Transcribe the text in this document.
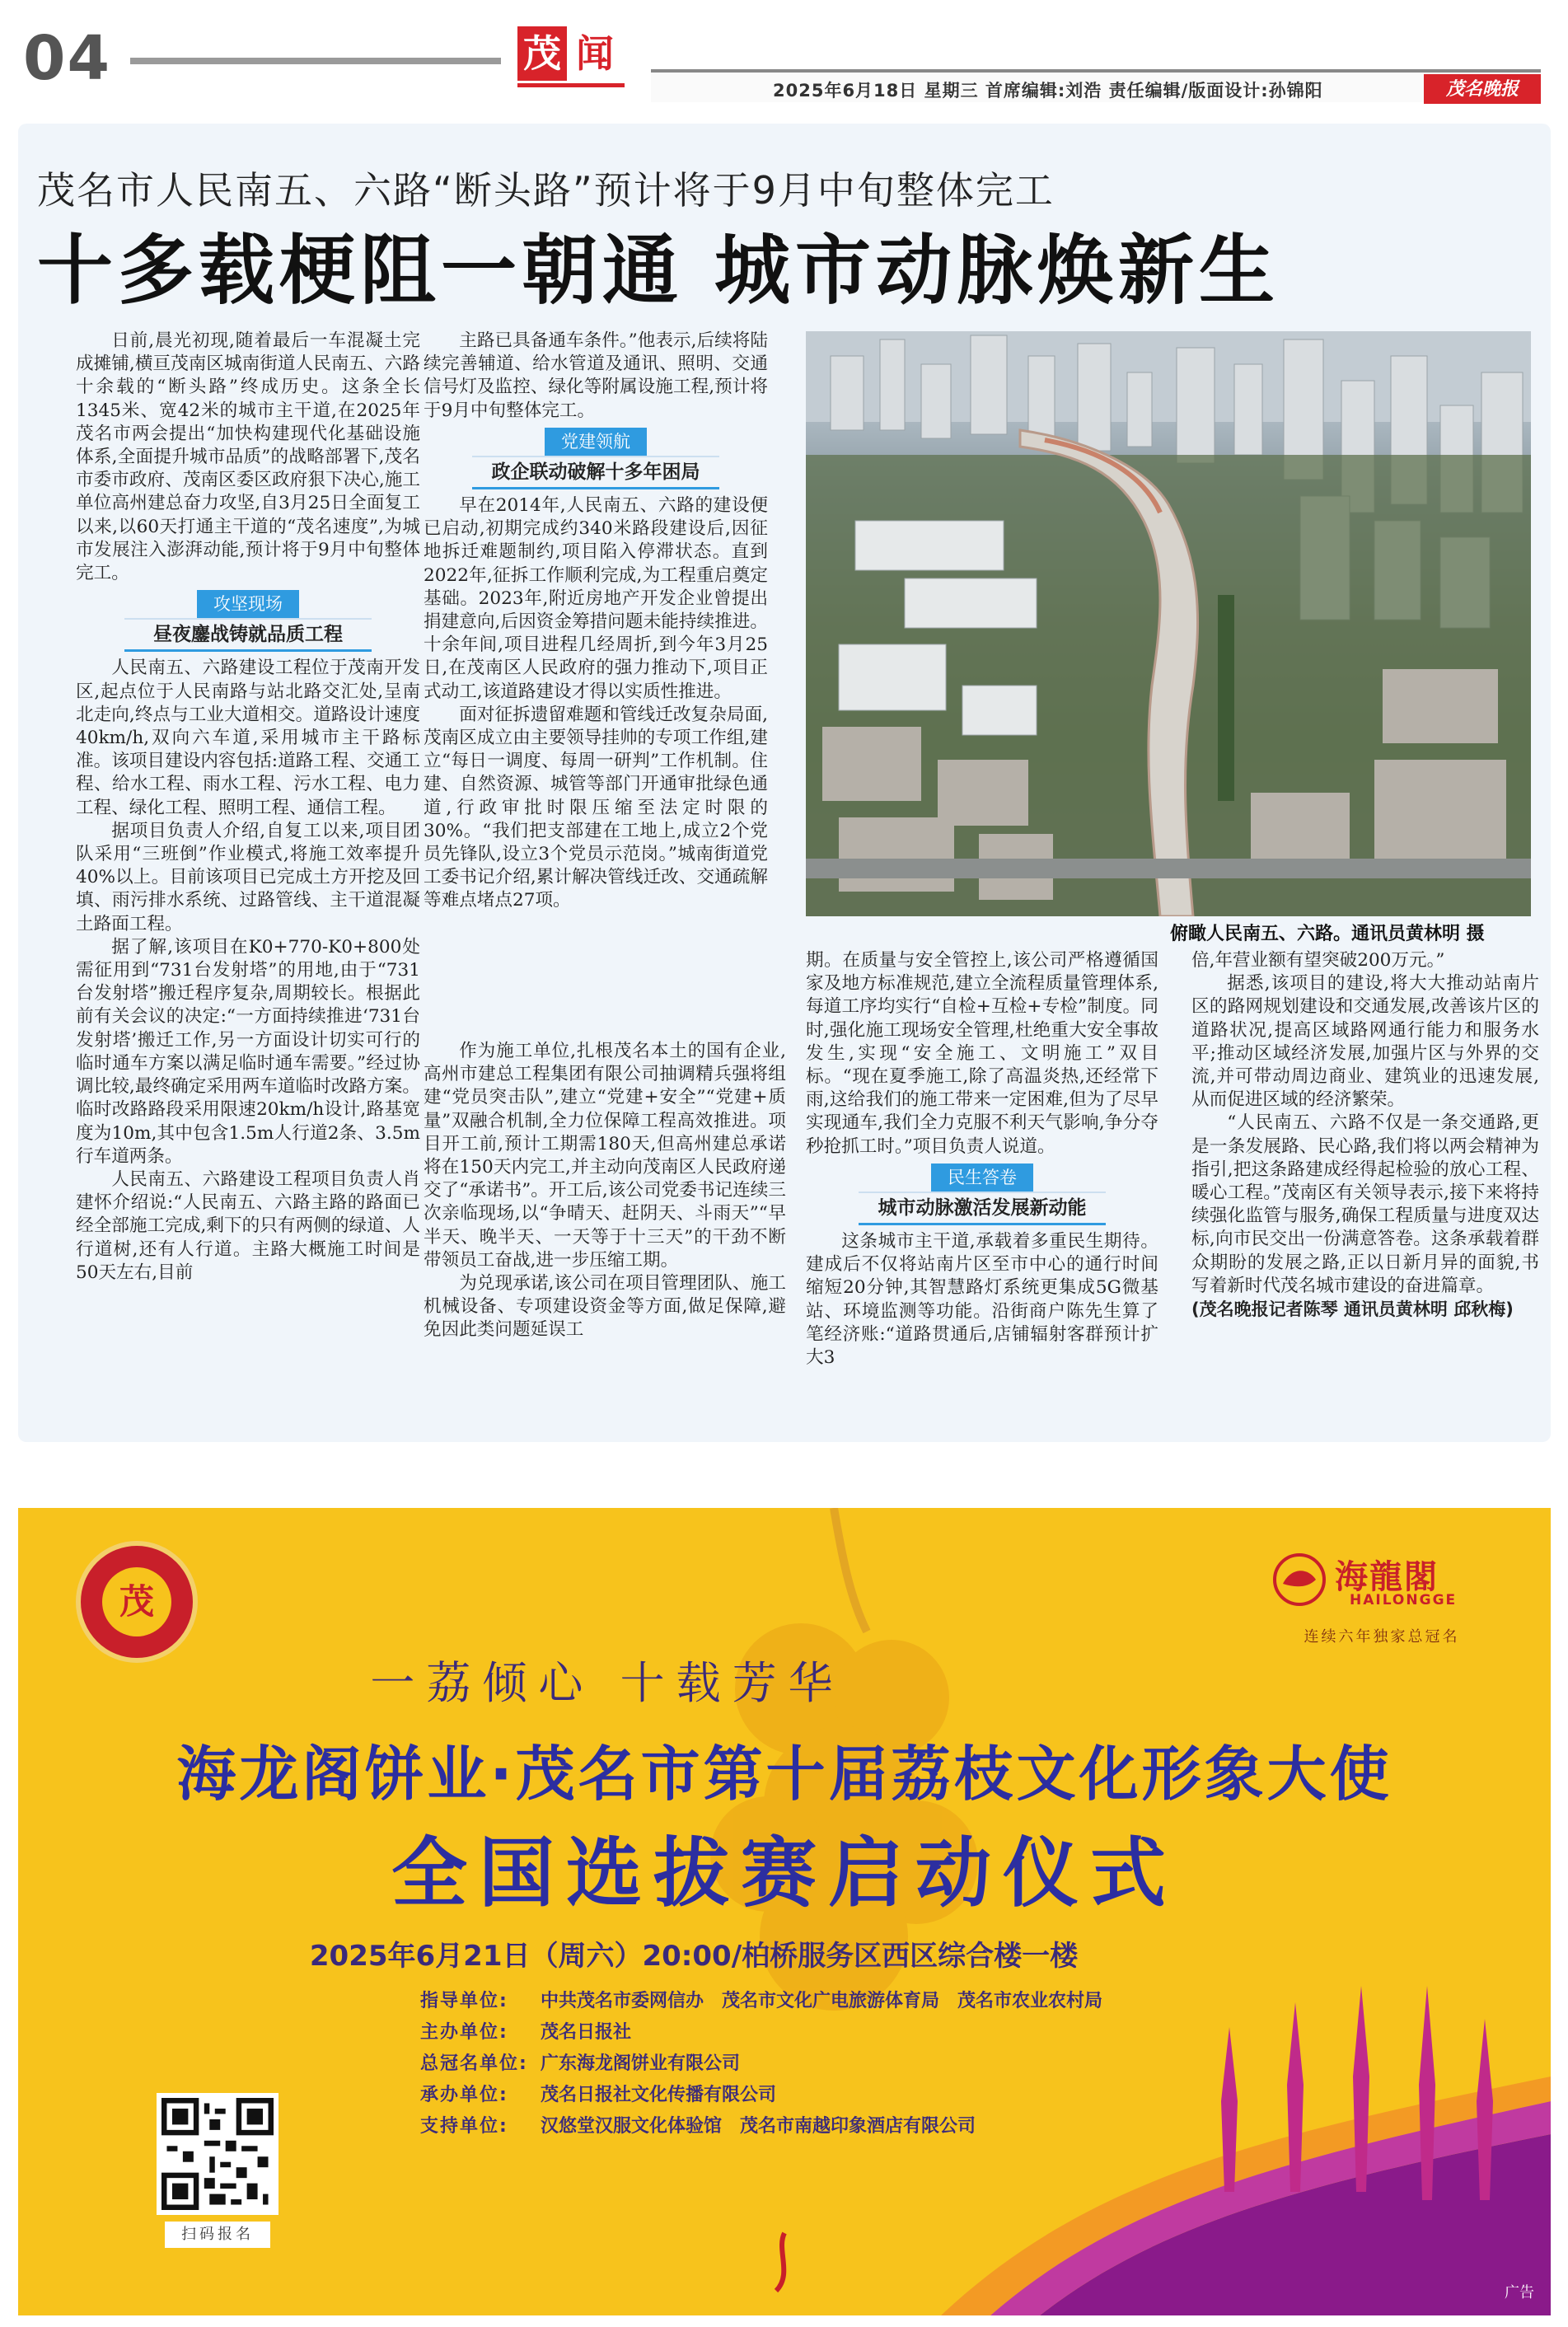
04	茂 闻
2025年6月18日 星期三 首席编辑:刘浩 责任编辑/版面设计:孙锦阳	茂名晚报
茂名市人民南五、六路“断头路”预计将于9月中旬整体完工
十多载梗阻一朝通 城市动脉焕新生

日前,晨光初现,随着最后一车混凝土完成摊铺,横亘茂南区城南街道人民南五、六路十余载的“断头路”终成历史。这条全长1345米、宽42米的城市主干道,在2025年茂名市两会提出“加快构建现代化基础设施体系,全面提升城市品质”的战略部署下,茂名市委市政府、茂南区委区政府狠下决心,施工单位高州建总奋力攻坚,自3月25日全面复工以来,以60天打通主干道的“茂名速度”,为城市发展注入澎湃动能,预计将于9月中旬整体完工。

攻坚现场
昼夜鏖战铸就品质工程

人民南五、六路建设工程位于茂南开发区,起点位于人民南路与站北路交汇处,呈南北走向,终点与工业大道相交。道路设计速度40km/h,双向六车道,采用城市主干路标准。该项目建设内容包括:道路工程、交通工程、给水工程、雨水工程、污水工程、电力工程、绿化工程、照明工程、通信工程。

据项目负责人介绍,自复工以来,项目团队采用“三班倒”作业模式,将施工效率提升40%以上。目前该项目已完成土方开挖及回填、雨污排水系统、过路管线、主干道混凝土路面工程。

据了解,该项目在K0+770-K0+800处需征用到“731台发射塔”的用地,由于“731台发射塔”搬迁程序复杂,周期较长。根据此前有关会议的决定:“一方面持续推进‘731台发射塔’搬迁工作,另一方面设计切实可行的临时通车方案以满足临时通车需要。”经过协调比较,最终确定采用两车道临时改路方案。临时改路路段采用限速20km/h设计,路基宽度为10m,其中包含1.5m人行道2条、3.5m行车道两条。

人民南五、六路建设工程项目负责人肖建怀介绍说:“人民南五、六路主路的路面已经全部施工完成,剩下的只有两侧的绿道、人行道树,还有人行道。主路大概施工时间是50天左右,目前

主路已具备通车条件。”他表示,后续将陆续完善辅道、给水管道及通讯、照明、交通信号灯及监控、绿化等附属设施工程,预计将于9月中旬整体完工。

党建领航
政企联动破解十多年困局

早在2014年,人民南五、六路的建设便已启动,初期完成约340米路段建设后,因征地拆迁难题制约,项目陷入停滞状态。直到2022年,征拆工作顺利完成,为工程重启奠定基础。2023年,附近房地产开发企业曾提出捐建意向,后因资金筹措问题未能持续推进。十余年间,项目进程几经周折,到今年3月25日,在茂南区人民政府的强力推动下,项目正式动工,该道路建设才得以实质性推进。

面对征拆遗留难题和管线迁改复杂局面,茂南区成立由主要领导挂帅的专项工作组,建立“每日一调度、每周一研判”工作机制。住建、自然资源、城管等部门开通审批绿色通道,行政审批时限压缩至法定时限的30%。“我们把支部建在工地上,成立2个党员先锋队,设立3个党员示范岗。”城南街道党工委书记介绍,累计解决管线迁改、交通疏解等难点堵点27项。

作为施工单位,扎根茂名本土的国有企业,高州市建总工程集团有限公司抽调精兵强将组建“党员突击队”,建立“党建+安全”“党建+质量”双融合机制,全力位保障工程高效推进。项目开工前,预计工期需180天,但高州建总承诺将在150天内完工,并主动向茂南区人民政府递交了“承诺书”。开工后,该公司党委书记连续三次亲临现场,以“争晴天、赶阴天、斗雨天”“早半天、晚半天、一天等于十三天”的干劲不断带领员工奋战,进一步压缩工期。

为兑现承诺,该公司在项目管理团队、施工机械设备、专项建设资金等方面,做足保障,避免因此类问题延误工

俯瞰人民南五、六路。通讯员黄林明 摄

期。在质量与安全管控上,该公司严格遵循国家及地方标准规范,建立全流程质量管理体系,每道工序均实行“自检+互检+专检”制度。同时,强化施工现场安全管理,杜绝重大安全事故发生,实现“安全施工、文明施工”双目标。“现在夏季施工,除了高温炎热,还经常下雨,这给我们的施工带来一定困难,但为了尽早实现通车,我们全力克服不利天气影响,争分夺秒抢抓工时。”项目负责人说道。

民生答卷
城市动脉激活发展新动能

这条城市主干道,承载着多重民生期待。建成后不仅将站南片区至市中心的通行时间缩短20分钟,其智慧路灯系统更集成5G微基站、环境监测等功能。沿街商户陈先生算了笔经济账:“道路贯通后,店铺辐射客群预计扩大3

倍,年营业额有望突破200万元。”

据悉,该项目的建设,将大大推动站南片区的路网规划建设和交通发展,改善该片区的道路状况,提高区域路网通行能力和服务水平;推动区域经济发展,加强片区与外界的交流,并可带动周边商业、建筑业的迅速发展,从而促进区域的经济繁荣。

“人民南五、六路不仅是一条交通路,更是一条发展路、民心路,我们将以两会精神为指引,把这条路建成经得起检验的放心工程、暖心工程。”茂南区有关领导表示,接下来将持续强化监管与服务,确保工程质量与进度双达标,向市民交出一份满意答卷。这条承载着群众期盼的发展之路,正以日新月异的面貌,书写着新时代茂名城市建设的奋进篇章。

(茂名晚报记者陈琴 通讯员黄林明 邱秋梅)

茂
海龍閣
HAILONGGE
连续六年独家总冠名
一荔倾心 十载芳华
海龙阁饼业·茂名市第十届荔枝文化形象大使
全国选拔赛启动仪式
2025年6月21日（周六）20:00/柏桥服务区西区综合楼一楼
指导单位: 中共茂名市委网信办　茂名市文化广电旅游体育局　茂名市农业农村局
主办单位: 茂名日报社
总冠名单位: 广东海龙阁饼业有限公司
承办单位: 茂名日报社文化传播有限公司
支持单位: 汉悠堂汉服文化体验馆　茂名市南越印象酒店有限公司
扫码报名
广告
